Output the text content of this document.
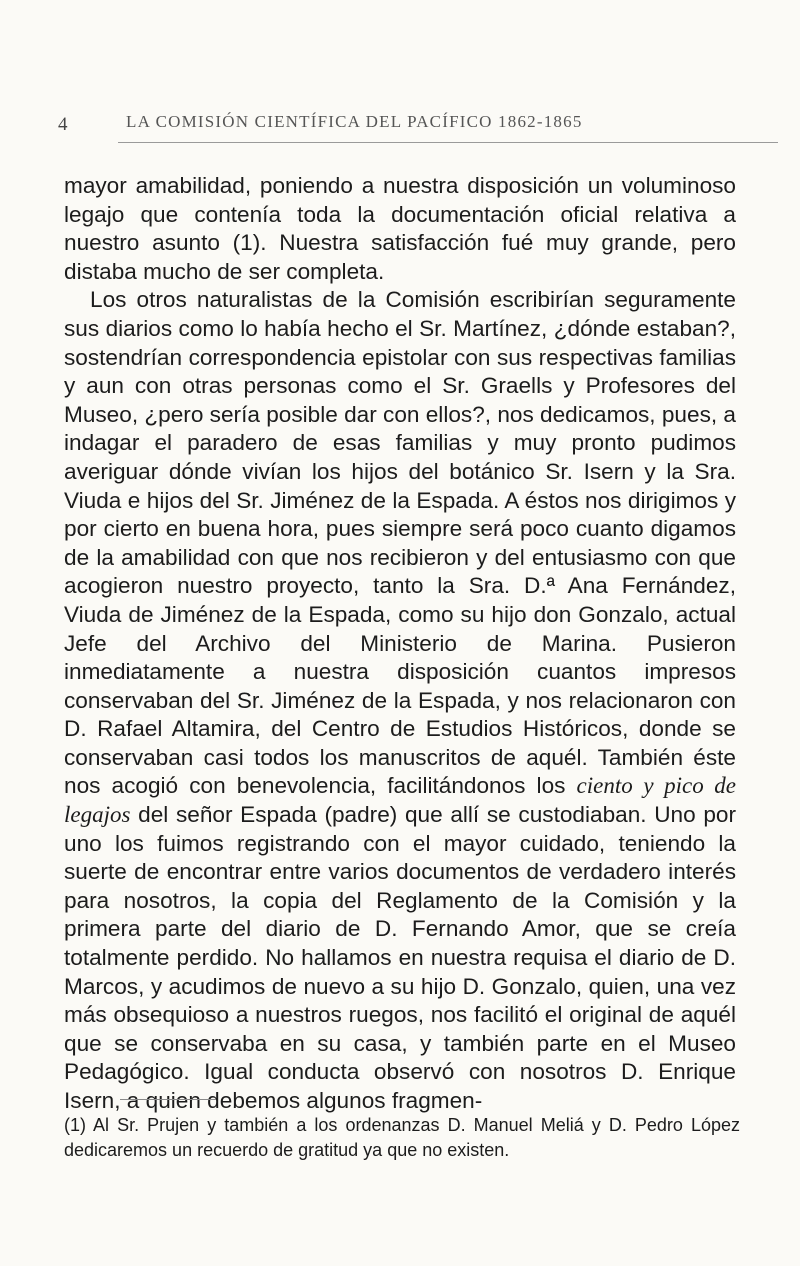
4	LA COMISIÓN CIENTÍFICA DEL PACÍFICO 1862-1865

mayor amabilidad, poniendo a nuestra disposición un voluminoso legajo que contenía toda la documentación oficial relativa a nuestro asunto (1). Nuestra satisfacción fué muy grande, pero distaba mucho de ser completa.

Los otros naturalistas de la Comisión escribirían seguramente sus diarios como lo había hecho el Sr. Martínez, ¿dónde estaban?, sostendrían correspondencia epistolar con sus respectivas familias y aun con otras personas como el Sr. Graells y Profesores del Museo, ¿pero sería posible dar con ellos?, nos dedicamos, pues, a indagar el paradero de esas familias y muy pronto pudimos averiguar dónde vivían los hijos del botánico Sr. Isern y la Sra. Viuda e hijos del Sr. Jiménez de la Espada. A éstos nos dirigimos y por cierto en buena hora, pues siempre será poco cuanto digamos de la amabilidad con que nos recibieron y del entusiasmo con que acogieron nuestro proyecto, tanto la Sra. D.ª Ana Fernández, Viuda de Jiménez de la Espada, como su hijo don Gonzalo, actual Jefe del Archivo del Ministerio de Marina. Pusieron inmediatamente a nuestra disposición cuantos impresos conservaban del Sr. Jiménez de la Espada, y nos relacionaron con D. Rafael Altamira, del Centro de Estudios Históricos, donde se conservaban casi todos los manuscritos de aquél. También éste nos acogió con benevolencia, facilitándonos los ciento y pico de legajos del señor Espada (padre) que allí se custodiaban. Uno por uno los fuimos registrando con el mayor cuidado, teniendo la suerte de encontrar entre varios documentos de verdadero interés para nosotros, la copia del Reglamento de la Comisión y la primera parte del diario de D. Fernando Amor, que se creía totalmente perdido. No hallamos en nuestra requisa el diario de D. Marcos, y acudimos de nuevo a su hijo D. Gonzalo, quien, una vez más obsequioso a nuestros ruegos, nos facilitó el original de aquél que se conservaba en su casa, y también parte en el Museo Pedagógico. Igual conducta observó con nosotros D. Enrique Isern, a quien debemos algunos fragmen-

(1) Al Sr. Prujen y también a los ordenanzas D. Manuel Meliá y D. Pedro López dedicaremos un recuerdo de gratitud ya que no existen.
